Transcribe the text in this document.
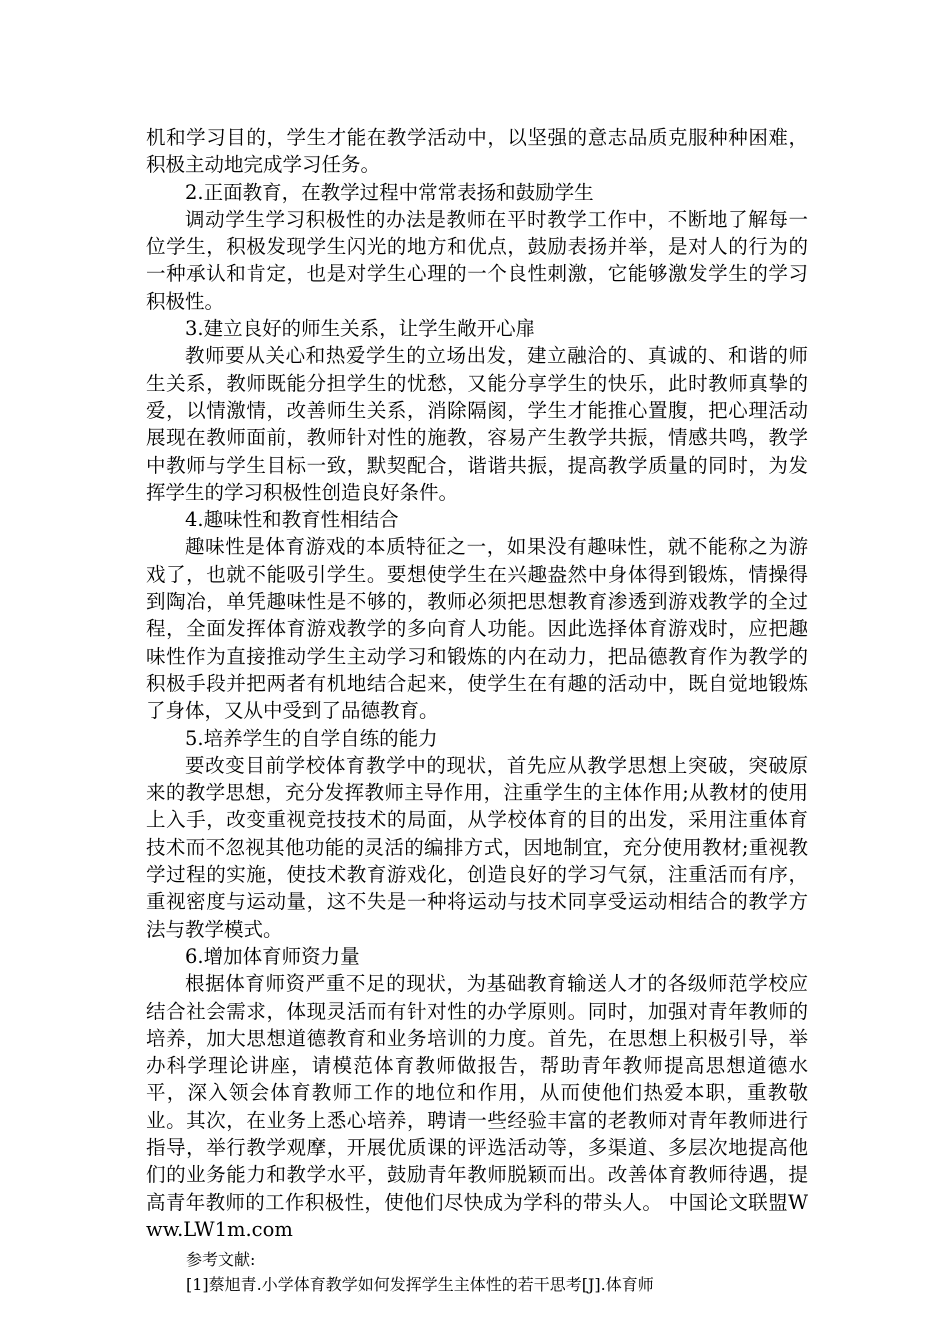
机和学习目的，学生才能在教学活动中，以坚强的意志品质克服种种困难，积极主动地完成学习任务。

2.正面教育，在教学过程中常常表扬和鼓励学生

调动学生学习积极性的办法是教师在平时教学工作中，不断地了解每一位学生，积极发现学生闪光的地方和优点，鼓励表扬并举，是对人的行为的一种承认和肯定，也是对学生心理的一个良性刺激，它能够激发学生的学习积极性。

3.建立良好的师生关系，让学生敞开心扉

教师要从关心和热爱学生的立场出发，建立融洽的、真诚的、和谐的师生关系，教师既能分担学生的忧愁，又能分享学生的快乐，此时教师真挚的爱，以情激情，改善师生关系，消除隔阂，学生才能推心置腹，把心理活动展现在教师面前，教师针对性的施教，容易产生教学共振，情感共鸣，教学中教师与学生目标一致，默契配合，谐谐共振，提高教学质量的同时，为发挥学生的学习积极性创造良好条件。

4.趣味性和教育性相结合

趣味性是体育游戏的本质特征之一，如果没有趣味性，就不能称之为游戏了，也就不能吸引学生。要想使学生在兴趣盎然中身体得到锻炼，情操得到陶冶，单凭趣味性是不够的，教师必须把思想教育渗透到游戏教学的全过程，全面发挥体育游戏教学的多向育人功能。因此选择体育游戏时，应把趣味性作为直接推动学生主动学习和锻炼的内在动力，把品德教育作为教学的积极手段并把两者有机地结合起来，使学生在有趣的活动中，既自觉地锻炼了身体，又从中受到了品德教育。

5.培养学生的自学自练的能力

要改变目前学校体育教学中的现状，首先应从教学思想上突破，突破原来的教学思想，充分发挥教师主导作用，注重学生的主体作用;从教材的使用上入手，改变重视竞技技术的局面，从学校体育的目的出发，采用注重体育技术而不忽视其他功能的灵活的编排方式，因地制宜，充分使用教材;重视教学过程的实施，使技术教育游戏化，创造良好的学习气氛，注重活而有序，重视密度与运动量，这不失是一种将运动与技术同享受运动相结合的教学方法与教学模式。

6.增加体育师资力量

根据体育师资严重不足的现状，为基础教育输送人才的各级师范学校应结合社会需求，体现灵活而有针对性的办学原则。同时，加强对青年教师的培养，加大思想道德教育和业务培训的力度。首先，在思想上积极引导，举办科学理论讲座，请模范体育教师做报告，帮助青年教师提高思想道德水平，深入领会体育教师工作的地位和作用，从而使他们热爱本职，重教敬业。其次，在业务上悉心培养，聘请一些经验丰富的老教师对青年教师进行指导，举行教学观摩，开展优质课的评选活动等，多渠道、多层次地提高他们的业务能力和教学水平，鼓励青年教师脱颖而出。改善体育教师待遇，提高青年教师的工作积极性，使他们尽快成为学科的带头人。 中国论文联盟Www.LW1m.com

参考文献:

[1]蔡旭青.小学体育教学如何发挥学生主体性的若干思考[J].体育师
